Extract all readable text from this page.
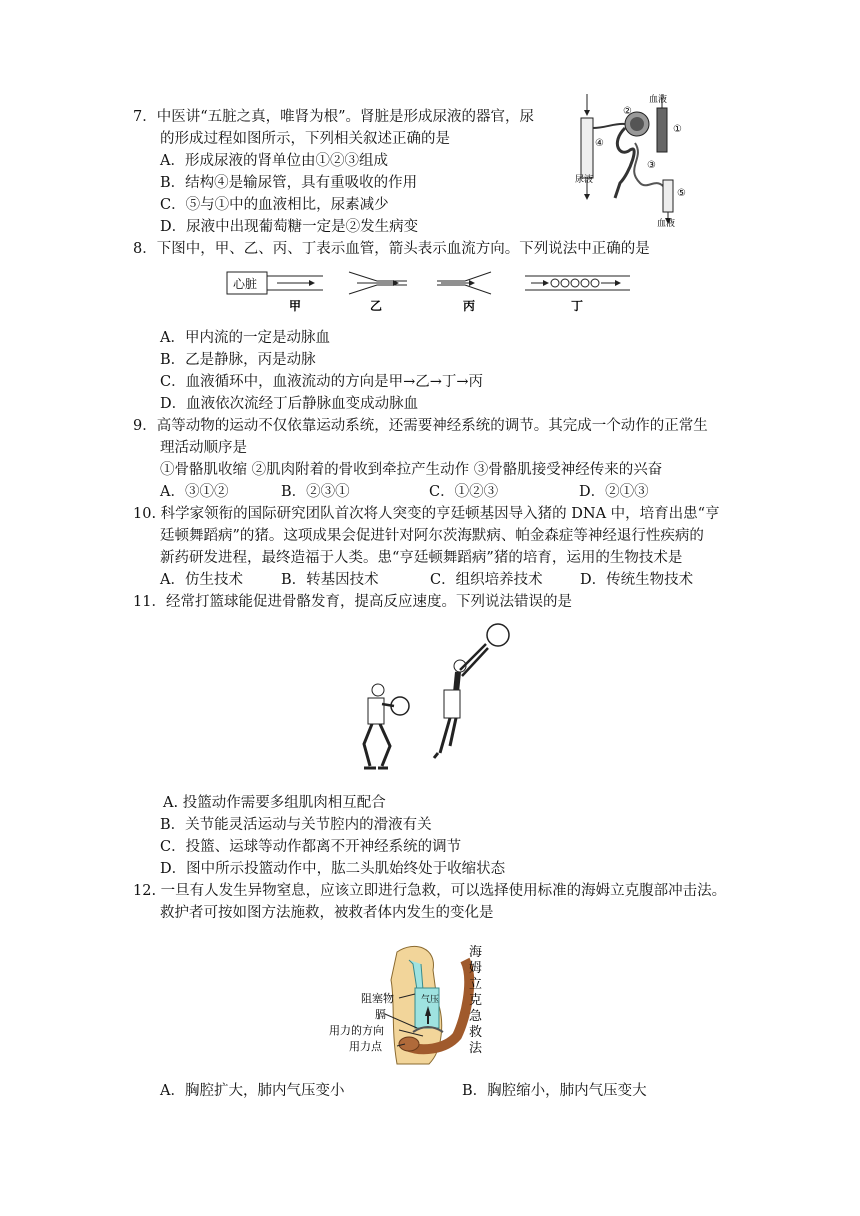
7．中医讲“五脏之真，唯肾为根”。肾脏是形成尿液的器官，尿
的形成过程如图所示，下列相关叙述正确的是
A．形成尿液的肾单位由①②③组成
B．结构④是输尿管，具有重吸收的作用
C．⑤与①中的血液相比，尿素减少
D．尿液中出现葡萄糖一定是②发生病变
血液
②
①
④
③
尿液
⑤
血液
8．下图中，甲、乙、丙、丁表示血管，箭头表示血流方向。下列说法中正确的是
心脏
甲	乙	丙	丁
A．甲内流的一定是动脉血
B．乙是静脉，丙是动脉
C．血液循环中，血液流动的方向是甲→乙→丁→丙
D．血液依次流经丁后静脉血变成动脉血
9．高等动物的运动不仅依靠运动系统，还需要神经系统的调节。其完成一个动作的正常生
理活动顺序是
①骨骼肌收缩 ②肌肉附着的骨收到牵拉产生动作 ③骨骼肌接受神经传来的兴奋
A．③①②	B．②③①	C．①②③	D．②①③
10. 科学家领衔的国际研究团队首次将人突变的亨廷顿基因导入猪的 DNA 中，培育出患“亨
廷顿舞蹈病”的猪。这项成果会促进针对阿尔茨海默病、帕金森症等神经退行性疾病的
新药研发进程，最终造福于人类。患“亨廷顿舞蹈病”猪的培育，运用的生物技术是
A．仿生技术	B．转基因技术	C．组织培养技术	D．传统生物技术
11．经常打篮球能促进骨骼发育，提高反应速度。下列说法错误的是
A. 投篮动作需要多组肌肉相互配合
B．关节能灵活运动与关节腔内的滑液有关
C．投篮、运球等动作都离不开神经系统的调节
D．图中所示投篮动作中，肱二头肌始终处于收缩状态
12. 一旦有人发生异物窒息，应该立即进行急救，可以选择使用标准的海姆立克腹部冲击法。
救护者可按如图方法施救，被救者体内发生的变化是
阻塞物	气压
膈
用力的方向
用力点
海
姆
立
克
急
救
法
A．胸腔扩大，肺内气压变小	B．胸腔缩小，肺内气压变大
